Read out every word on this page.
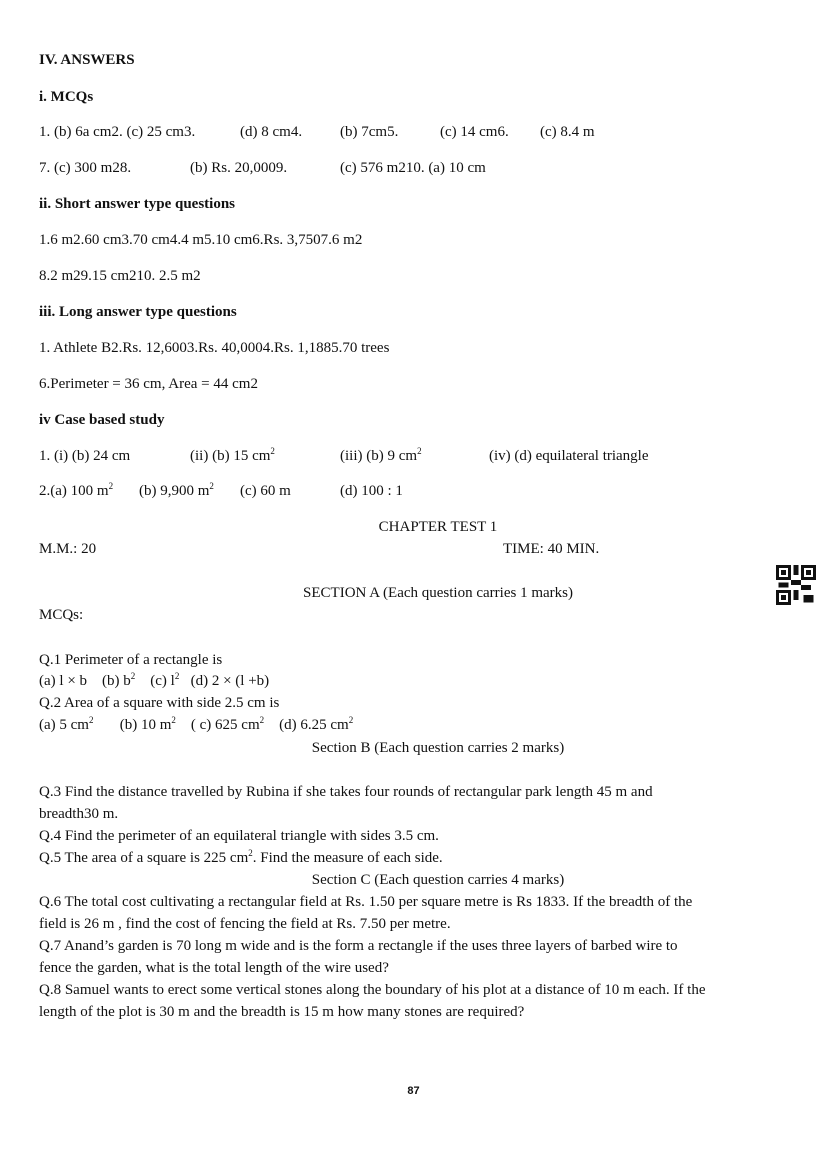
IV. ANSWERS
i. MCQs
1. (b) 6a cm2. (c) 25 cm3.	(d) 8 cm4.	(b) 7cm5.	(c) 14 cm6. (c) 8.4 m
7. (c) 300 m28.	(b) Rs. 20,0009.	(c) 576 m210. (a) 10 cm
ii. Short answer type questions
1.6 m2.60 cm3.70 cm4.4 m5.10 cm6.Rs. 3,7507.6 m2
8.2 m29.15 cm210. 2.5 m2
iii. Long answer type questions
1. Athlete B2.Rs. 12,6003.Rs. 40,0004.Rs. 1,1885.70 trees
6.Perimeter = 36 cm, Area = 44 cm2
iv Case based study
1. (i) (b) 24 cm	(ii) (b) 15 $cm^2$	(iii) (b) 9 $cm^2$	(iv) (d) equilateral triangle
2.(a) 100 $m^2$ (b) 9,900 $m^2$ (c) 60 m	(d) 100 : 1
CHAPTER TEST 1
M.M.: 20	TIME: 40 MIN.
SECTION A (Each question carries 1 marks)
MCQs:
Q.1 Perimeter of a rectangle is
(a) l × b (b) $b^2$ (c) $l^2$ (d) 2 × (l +b)
Q.2 Area of a square with side 2.5 cm is
(a) 5 $cm^2$ (b) 10 $m^2$ ( c) 625 $cm^2$ (d) 6.25 $cm^2$
Section B (Each question carries 2 marks)
Q.3 Find the distance travelled by Rubina if she takes four rounds of rectangular park length 45 m and
breadth30 m.
Q.4 Find the perimeter of an equilateral triangle with sides 3.5 cm.
Q.5 The area of a square is 225 $cm^2$. Find the measure of each side.
Section C (Each question carries 4 marks)
Q.6 The total cost cultivating a rectangular field at Rs. 1.50 per square metre is Rs 1833. If the breadth of the
field is 26 m , find the cost of fencing the field at Rs. 7.50 per metre.
Q.7 Anand’s garden is 70 long m wide and is the form a rectangle if the uses three layers of barbed wire to
fence the garden, what is the total length of the wire used?
Q.8 Samuel wants to erect some vertical stones along the boundary of his plot at a distance of 10 m each. If the
length of the plot is 30 m and the breadth is 15 m how many stones are required?
87
